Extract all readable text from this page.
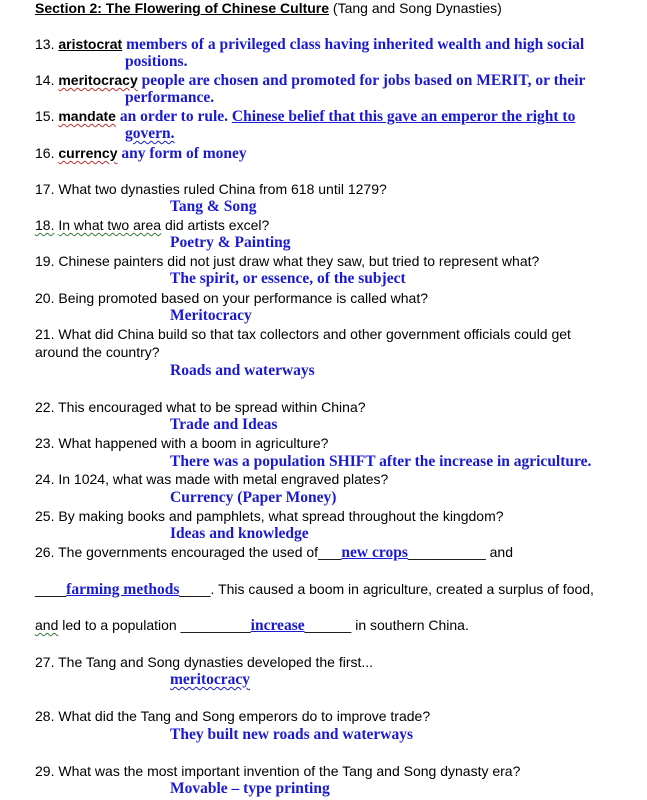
Section 2: The Flowering of Chinese Culture (Tang and Song Dynasties)
13. aristocrat members of a privileged class having inherited wealth and high social
positions.
14. meritocracy people are chosen and promoted for jobs based on MERIT, or their
performance.
15. mandate an order to rule. Chinese belief that this gave an emperor the right to
govern.
16. currency any form of money
17. What two dynasties ruled China from 618 until 1279?
Tang & Song
18. In what two area did artists excel?
Poetry & Painting
19. Chinese painters did not just draw what they saw, but tried to represent what?
The spirit, or essence, of the subject
20. Being promoted based on your performance is called what?
Meritocracy
21. What did China build so that tax collectors and other government officials could get
around the country?
Roads and waterways
22. This encouraged what to be spread within China?
Trade and Ideas
23. What happened with a boom in agriculture?
There was a population SHIFT after the increase in agriculture.
24. In 1024, what was made with metal engraved plates?
Currency (Paper Money)
25. By making books and pamphlets, what spread throughout the kingdom?
Ideas and knowledge
26. The governments encouraged the used of___new crops__________ and
____farming methods____. This caused a boom in agriculture, created a surplus of food,
and led to a population _________increase______ in southern China.
27. The Tang and Song dynasties developed the first...
meritocracy
28. What did the Tang and Song emperors do to improve trade?
They built new roads and waterways
29. What was the most important invention of the Tang and Song dynasty era?
Movable – type printing
